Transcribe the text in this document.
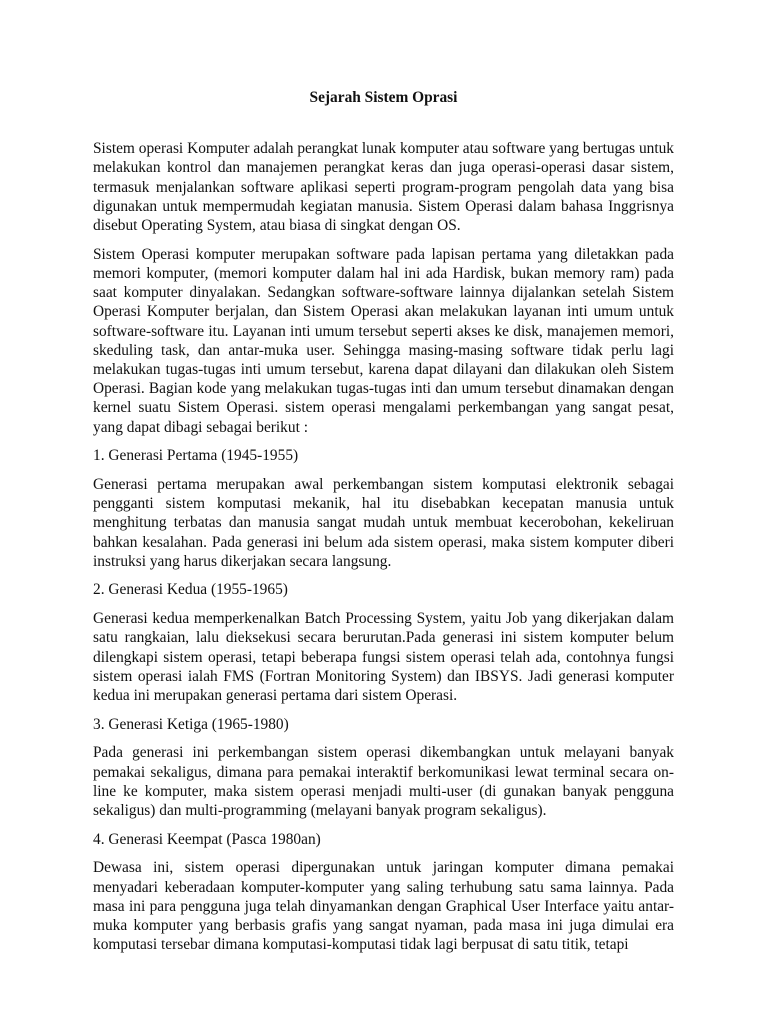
Sejarah Sistem Oprasi

Sistem operasi Komputer adalah perangkat lunak komputer atau software yang bertugas untuk melakukan kontrol dan manajemen perangkat keras dan juga operasi-operasi dasar sistem, termasuk menjalankan software aplikasi seperti program-program pengolah data yang bisa digunakan untuk mempermudah kegiatan manusia. Sistem Operasi dalam bahasa Inggrisnya disebut Operating System, atau biasa di singkat dengan OS.

Sistem Operasi komputer merupakan software pada lapisan pertama yang diletakkan pada memori komputer, (memori komputer dalam hal ini ada Hardisk, bukan memory ram) pada saat komputer dinyalakan. Sedangkan software-software lainnya dijalankan setelah Sistem Operasi Komputer berjalan, dan Sistem Operasi akan melakukan layanan inti umum untuk software-software itu. Layanan inti umum tersebut seperti akses ke disk, manajemen memori, skeduling task, dan antar-muka user. Sehingga masing-masing software tidak perlu lagi melakukan tugas-tugas inti umum tersebut, karena dapat dilayani dan dilakukan oleh Sistem Operasi. Bagian kode yang melakukan tugas-tugas inti dan umum tersebut dinamakan dengan kernel suatu Sistem Operasi. sistem operasi mengalami perkembangan yang sangat pesat, yang dapat dibagi sebagai berikut :

1. Generasi Pertama (1945-1955)

Generasi pertama merupakan awal perkembangan sistem komputasi elektronik sebagai pengganti sistem komputasi mekanik, hal itu disebabkan kecepatan manusia untuk menghitung terbatas dan manusia sangat mudah untuk membuat kecerobohan, kekeliruan bahkan kesalahan. Pada generasi ini belum ada sistem operasi, maka sistem komputer diberi instruksi yang harus dikerjakan secara langsung.

2. Generasi Kedua (1955-1965)

Generasi kedua memperkenalkan Batch Processing System, yaitu Job yang dikerjakan dalam satu rangkaian, lalu dieksekusi secara berurutan.Pada generasi ini sistem komputer belum dilengkapi sistem operasi, tetapi beberapa fungsi sistem operasi telah ada, contohnya fungsi sistem operasi ialah FMS (Fortran Monitoring System) dan IBSYS. Jadi generasi komputer kedua ini merupakan generasi pertama dari sistem Operasi.

3. Generasi Ketiga (1965-1980)

Pada generasi ini perkembangan sistem operasi dikembangkan untuk melayani banyak pemakai sekaligus, dimana para pemakai interaktif berkomunikasi lewat terminal secara on-line ke komputer, maka sistem operasi menjadi multi-user (di gunakan banyak pengguna sekaligus) dan multi-programming (melayani banyak program sekaligus).

4. Generasi Keempat (Pasca 1980an)

Dewasa ini, sistem operasi dipergunakan untuk jaringan komputer dimana pemakai menyadari keberadaan komputer-komputer yang saling terhubung satu sama lainnya. Pada masa ini para pengguna juga telah dinyamankan dengan Graphical User Interface yaitu antar-muka komputer yang berbasis grafis yang sangat nyaman, pada masa ini juga dimulai era komputasi tersebar dimana komputasi-komputasi tidak lagi berpusat di satu titik, tetapi
